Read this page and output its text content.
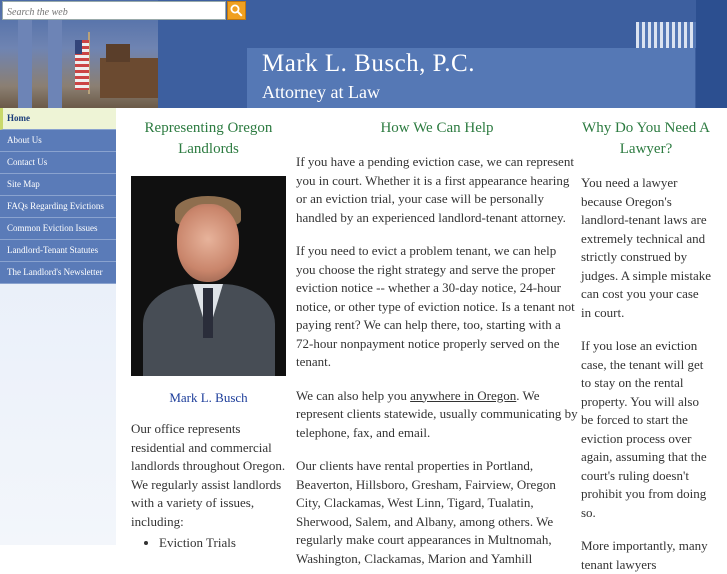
Search the web
Mark L. Busch, P.C.
Attorney at Law
Home
About Us
Contact Us
Site Map
FAQs Regarding Evictions
Common Eviction Issues
Landlord-Tenant Statutes
The Landlord's Newsletter
Representing Oregon Landlords
Mark L. Busch

Our office represents residential and commercial landlords throughout Oregon. We regularly assist landlords with a variety of issues, including:

• Eviction Trials
How We Can Help

If you have a pending eviction case, we can represent you in court. Whether it is a first appearance hearing or an eviction trial, your case will be personally handled by an experienced landlord-tenant attorney.

If you need to evict a problem tenant, we can help you choose the right strategy and serve the proper eviction notice -- whether a 30-day notice, 24-hour notice, or other type of eviction notice. Is a tenant not paying rent? We can help there, too, starting with a 72-hour nonpayment notice properly served on the tenant.

We can also help you anywhere in Oregon. We represent clients statewide, usually communicating by telephone, fax, and email.

Our clients have rental properties in Portland, Beaverton, Hillsboro, Gresham, Fairview, Oregon City, Clackamas, West Linn, Tigard, Tualatin, Sherwood, Salem, and Albany, among others. We regularly make court appearances in Multnomah, Washington, Clackamas, Marion and Yamhill

Why Do You Need A Lawyer?

You need a lawyer because Oregon's landlord-tenant laws are extremely technical and strictly construed by judges. A simple mistake can cost you your case in court.

If you lose an eviction case, the tenant will get to stay on the rental property. You will also be forced to start the eviction process over again, assuming that the court's ruling doesn't prohibit you from doing so.

More importantly, many tenant lawyers
